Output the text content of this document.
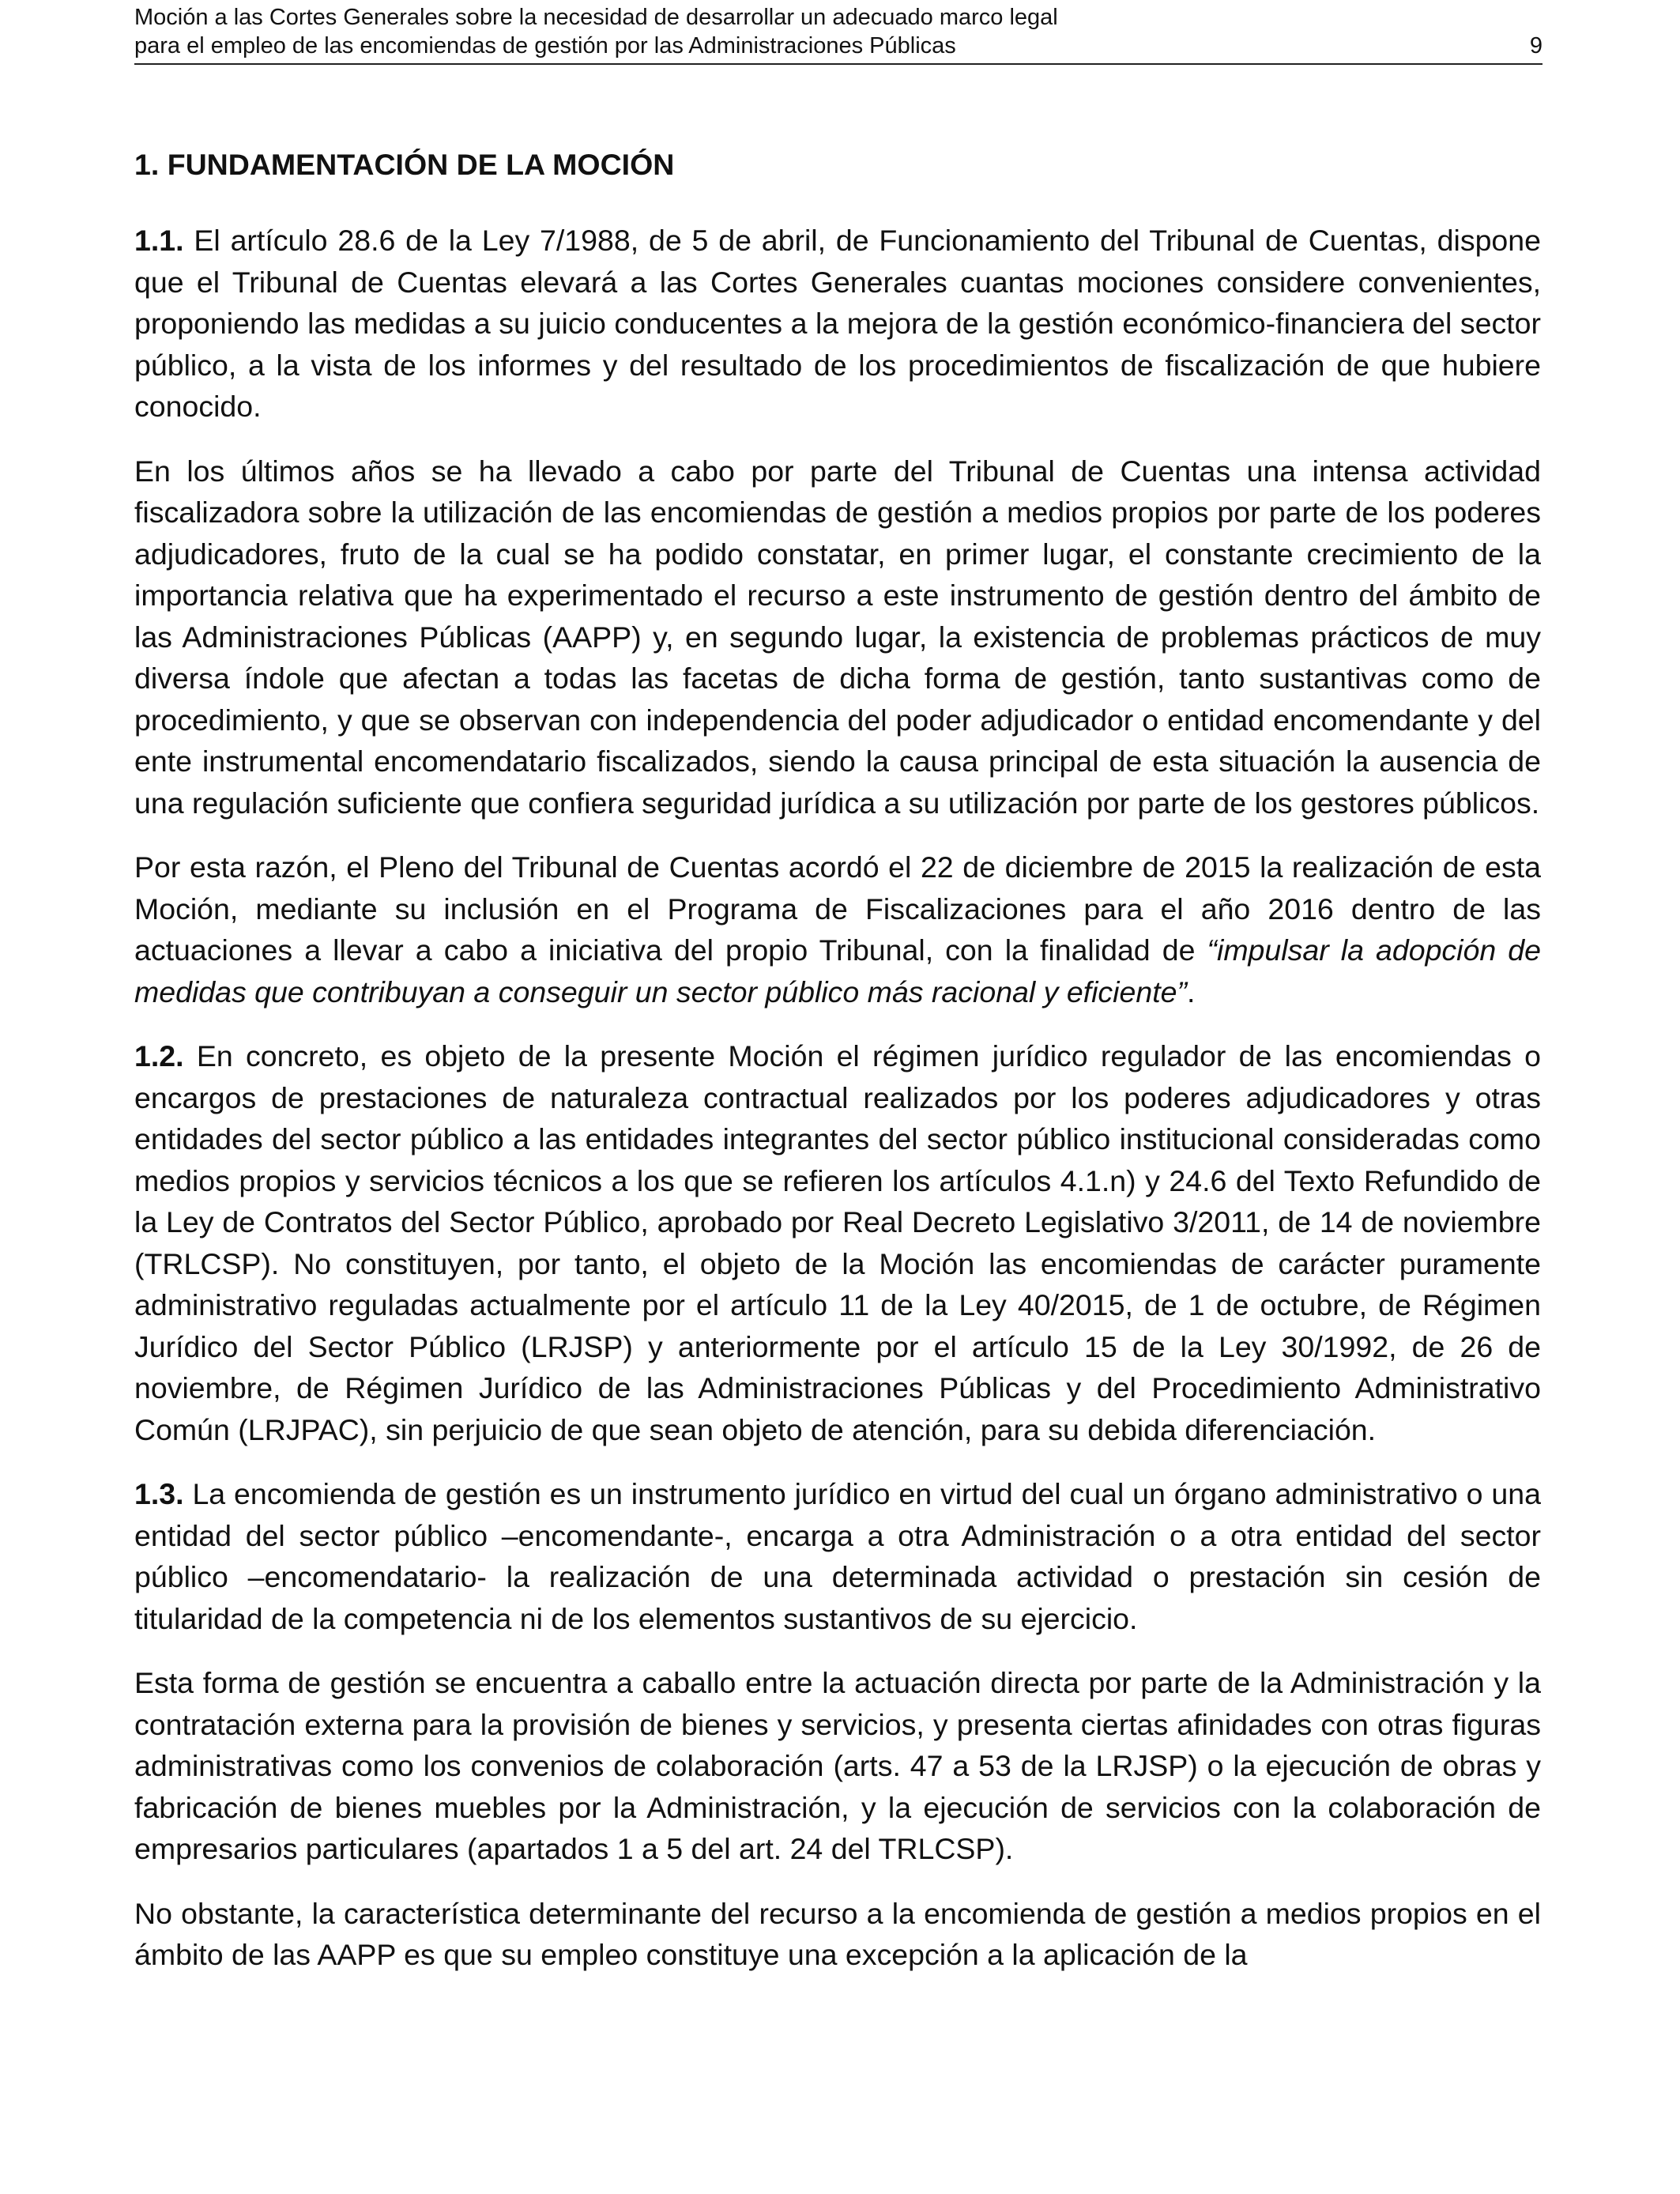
Moción a las Cortes Generales sobre la necesidad de desarrollar un adecuado marco legal
para el empleo de las encomiendas de gestión por las Administraciones Públicas	9
1. FUNDAMENTACIÓN DE LA MOCIÓN

1.1. El artículo 28.6 de la Ley 7/1988, de 5 de abril, de Funcionamiento del Tribunal de Cuentas, dispone que el Tribunal de Cuentas elevará a las Cortes Generales cuantas mociones considere convenientes, proponiendo las medidas a su juicio conducentes a la mejora de la gestión económico-financiera del sector público, a la vista de los informes y del resultado de los procedimientos de fiscalización de que hubiere conocido.

En los últimos años se ha llevado a cabo por parte del Tribunal de Cuentas una intensa actividad fiscalizadora sobre la utilización de las encomiendas de gestión a medios propios por parte de los poderes adjudicadores, fruto de la cual se ha podido constatar, en primer lugar, el constante crecimiento de la importancia relativa que ha experimentado el recurso a este instrumento de gestión dentro del ámbito de las Administraciones Públicas (AAPP) y, en segundo lugar, la existencia de problemas prácticos de muy diversa índole que afectan a todas las facetas de dicha forma de gestión, tanto sustantivas como de procedimiento, y que se observan con independencia del poder adjudicador o entidad encomendante y del ente instrumental encomendatario fiscalizados, siendo la causa principal de esta situación la ausencia de una regulación suficiente que confiera seguridad jurídica a su utilización por parte de los gestores públicos.

Por esta razón, el Pleno del Tribunal de Cuentas acordó el 22 de diciembre de 2015 la realización de esta Moción, mediante su inclusión en el Programa de Fiscalizaciones para el año 2016 dentro de las actuaciones a llevar a cabo a iniciativa del propio Tribunal, con la finalidad de “impulsar la adopción de medidas que contribuyan a conseguir un sector público más racional y eficiente”.

1.2. En concreto, es objeto de la presente Moción el régimen jurídico regulador de las encomiendas o encargos de prestaciones de naturaleza contractual realizados por los poderes adjudicadores y otras entidades del sector público a las entidades integrantes del sector público institucional consideradas como medios propios y servicios técnicos a los que se refieren los artículos 4.1.n) y 24.6 del Texto Refundido de la Ley de Contratos del Sector Público, aprobado por Real Decreto Legislativo 3/2011, de 14 de noviembre (TRLCSP). No constituyen, por tanto, el objeto de la Moción las encomiendas de carácter puramente administrativo reguladas actualmente por el artículo 11 de la Ley 40/2015, de 1 de octubre, de Régimen Jurídico del Sector Público (LRJSP) y anteriormente por el artículo 15 de la Ley 30/1992, de 26 de noviembre, de Régimen Jurídico de las Administraciones Públicas y del Procedimiento Administrativo Común (LRJPAC), sin perjuicio de que sean objeto de atención, para su debida diferenciación.

1.3. La encomienda de gestión es un instrumento jurídico en virtud del cual un órgano administrativo o una entidad del sector público –encomendante-, encarga a otra Administración o a otra entidad del sector público –encomendatario- la realización de una determinada actividad o prestación sin cesión de titularidad de la competencia ni de los elementos sustantivos de su ejercicio.

Esta forma de gestión se encuentra a caballo entre la actuación directa por parte de la Administración y la contratación externa para la provisión de bienes y servicios, y presenta ciertas afinidades con otras figuras administrativas como los convenios de colaboración (arts. 47 a 53 de la LRJSP) o la ejecución de obras y fabricación de bienes muebles por la Administración, y la ejecución de servicios con la colaboración de empresarios particulares (apartados 1 a 5 del art. 24 del TRLCSP).

No obstante, la característica determinante del recurso a la encomienda de gestión a medios propios en el ámbito de las AAPP es que su empleo constituye una excepción a la aplicación de la
